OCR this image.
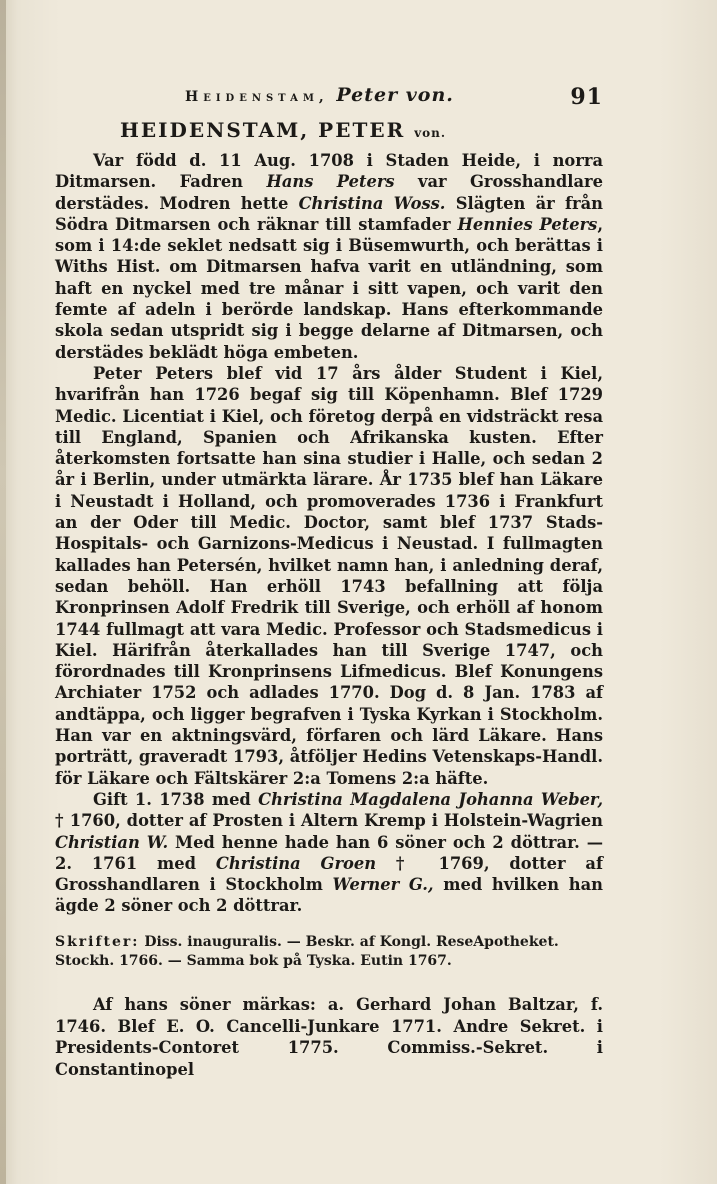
Heidenstam, Peter von.	91
HEIDENSTAM, PETER von.

Var född d. 11 Aug. 1708 i Staden Heide, i norra Ditmarsen. Fadren Hans Peters var Grosshandlare derstädes. Modren hette Christina Woss. Slägten är från Södra Ditmarsen och räknar till stamfader Hennies Peters, som i 14:de seklet nedsatt sig i Büsemwurth, och berättas i Withs Hist. om Ditmarsen hafva varit en utländning, som haft en nyckel med tre månar i sitt vapen, och varit den femte af adeln i berörde landskap. Hans efterkommande skola sedan utspridt sig i begge delarne af Ditmarsen, och derstädes beklädt höga embeten.

Peter Peters blef vid 17 års ålder Student i Kiel, hvarifrån han 1726 begaf sig till Köpenhamn. Blef 1729 Medic. Licentiat i Kiel, och företog derpå en vidsträckt resa till England, Spanien och Afrikanska kusten. Efter återkomsten fortsatte han sina studier i Halle, och sedan 2 år i Berlin, under utmärkta lärare. År 1735 blef han Läkare i Neustadt i Holland, och promoverades 1736 i Frankfurt an der Oder till Medic. Doctor, samt blef 1737 Stads-Hospitals- och Garnizons-Medicus i Neustad. I fullmagten kallades han Petersén, hvilket namn han, i anledning deraf, sedan behöll. Han erhöll 1743 befallning att följa Kronprinsen Adolf Fredrik till Sverige, och erhöll af honom 1744 fullmagt att vara Medic. Professor och Stadsmedicus i Kiel. Härifrån återkallades han till Sverige 1747, och förordnades till Kronprinsens Lifmedicus. Blef Konungens Archiater 1752 och adlades 1770. Dog d. 8 Jan. 1783 af andtäppa, och ligger begrafven i Tyska Kyrkan i Stockholm. Han var en aktningsvärd, förfaren och lärd Läkare. Hans porträtt, graveradt 1793, åtföljer Hedins Vetenskaps-Handl. för Läkare och Fältskärer 2:a Tomens 2:a häfte.

Gift 1. 1738 med Christina Magdalena Johanna Weber, † 1760, dotter af Prosten i Altern Kremp i Holstein-Wagrien Christian W. Med henne hade han 6 söner och 2 döttrar. — 2. 1761 med Christina Groen † 1769, dotter af Grosshandlaren i Stockholm Werner G., med hvilken han ägde 2 söner och 2 döttrar.

Skrifter: Diss. inauguralis. — Beskr. af Kongl. ReseApotheket. Stockh. 1766. — Samma bok på Tyska. Eutin 1767.

Af hans söner märkas: a. Gerhard Johan Baltzar, f. 1746. Blef E. O. Cancelli-Junkare 1771. Andre Sekret. i Presidents-Contoret 1775. Commiss.-Sekret. i Constantinopel
